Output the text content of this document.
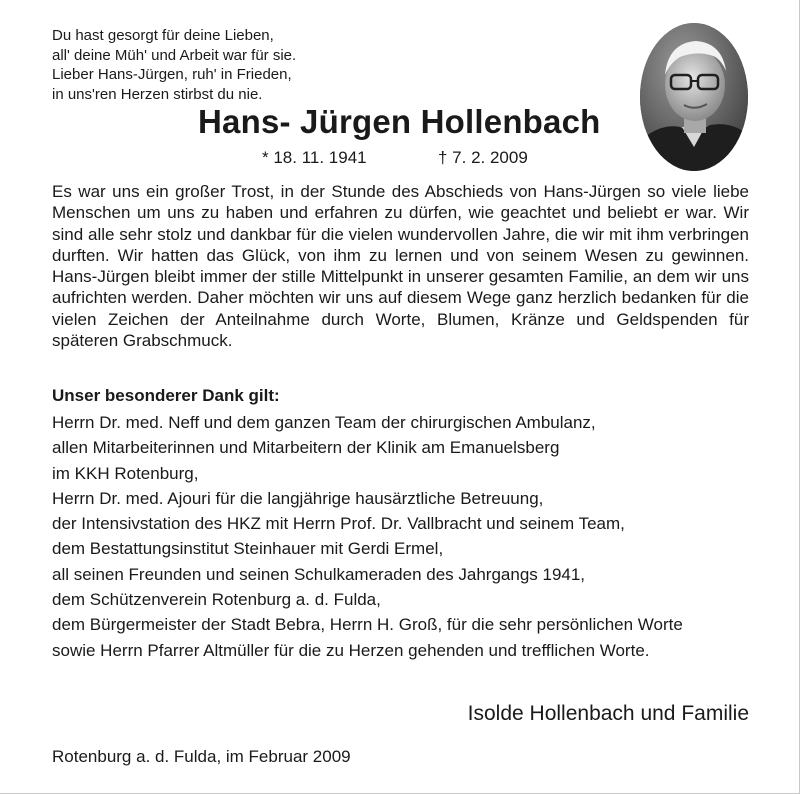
Du hast gesorgt für deine Lieben,
all' deine Müh' und Arbeit war für sie.
Lieber Hans-Jürgen, ruh' in Frieden,
in uns'ren Herzen stirbst du nie.
Hans- Jürgen Hollenbach
* 18. 11. 1941	† 7. 2. 2009
Es war uns ein großer Trost, in der Stunde des Abschieds von Hans-Jürgen so viele liebe Menschen um uns zu haben und erfahren zu dürfen, wie geachtet und beliebt er war. Wir sind alle sehr stolz und dankbar für die vielen wundervollen Jahre, die wir mit ihm verbringen durften. Wir hatten das Glück, von ihm zu lernen und von seinem Wesen zu gewinnen. Hans-Jürgen bleibt immer der stille Mittelpunkt in unserer gesamten Familie, an dem wir uns aufrichten werden. Daher möchten wir uns auf diesem Wege ganz herzlich bedanken für die vielen Zeichen der Anteilnahme durch Worte, Blumen, Kränze und Geldspenden für späteren Grabschmuck.
Unser besonderer Dank gilt:
Herrn Dr. med. Neff und dem ganzen Team der chirurgischen Ambulanz,
allen Mitarbeiterinnen und Mitarbeitern der Klinik am Emanuelsberg
im KKH Rotenburg,
Herrn Dr. med. Ajouri für die langjährige hausärztliche Betreuung,
der Intensivstation des HKZ mit Herrn Prof. Dr. Vallbracht und seinem Team,
dem Bestattungsinstitut Steinhauer mit Gerdi Ermel,
all seinen Freunden und seinen Schulkameraden des Jahrgangs 1941,
dem Schützenverein Rotenburg a. d. Fulda,
dem Bürgermeister der Stadt Bebra, Herrn H. Groß, für die sehr persönlichen Worte
sowie Herrn Pfarrer Altmüller für die zu Herzen gehenden und trefflichen Worte.
Isolde Hollenbach und Familie
Rotenburg a. d. Fulda, im Februar 2009
